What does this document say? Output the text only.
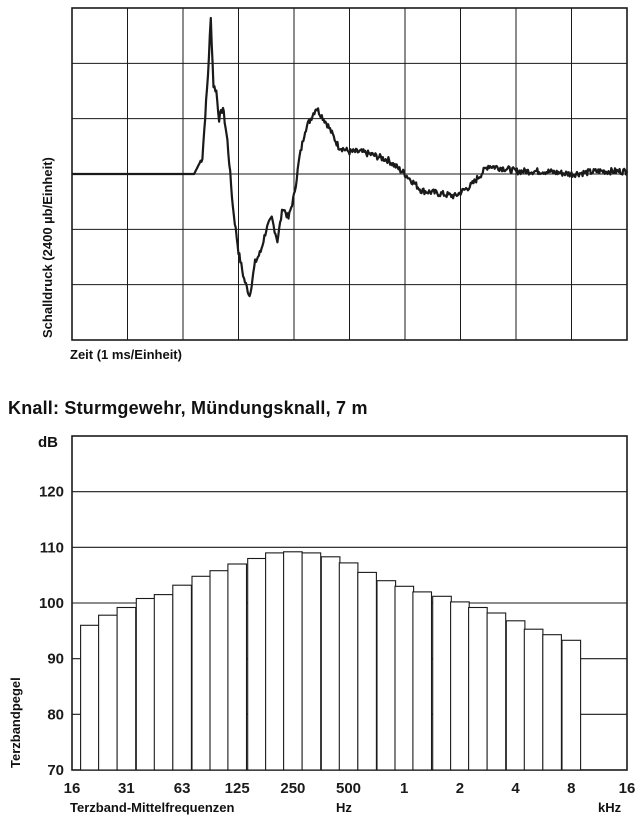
Schalldruck (2400 µb/Einheit)
Zeit (1 ms/Einheit)
Knall: Sturmgewehr, Mündungsknall, 7 m
70
80
90
100
110
120
16	31	63 125 250 500	1	2	4	8	16
dB
Terzbandpegel
Terzband-Mittelfrequenzen	Hz	kHz
